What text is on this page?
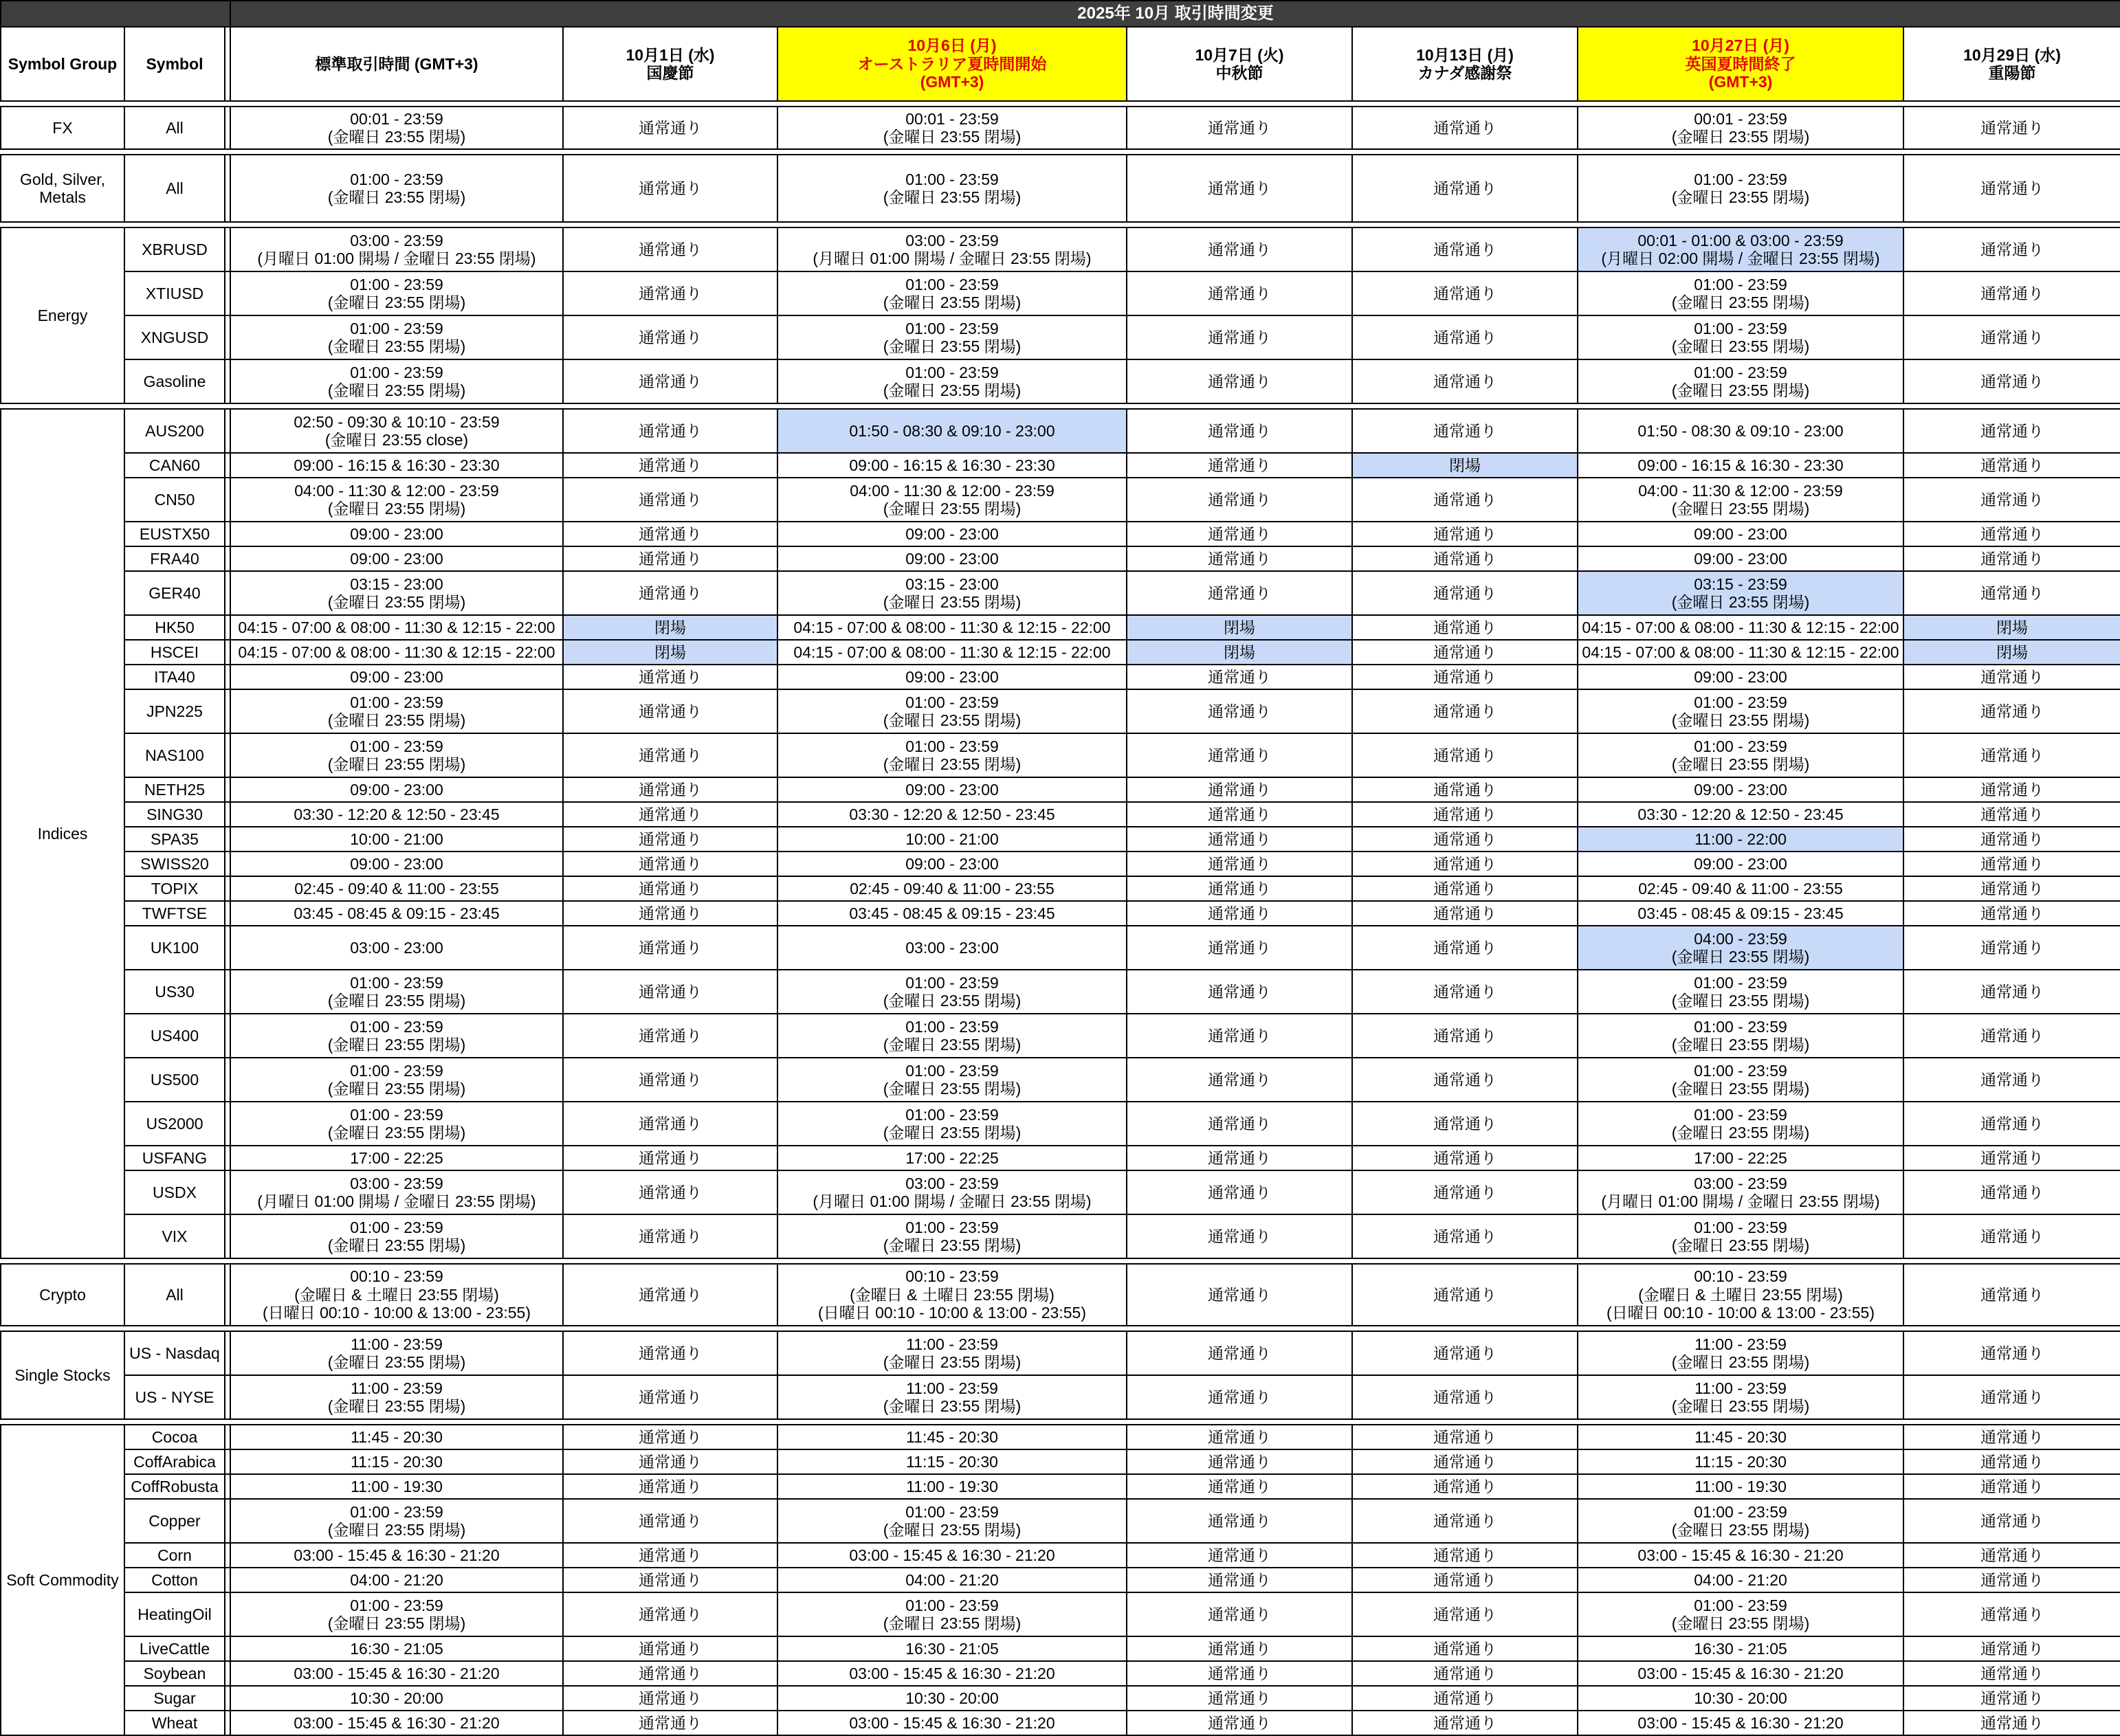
			2025年 10月 取引時間変更						
Symbol Group	Symbol		標準取引時間 (GMT+3)	10月1日 (水)
国慶節	10月6日 (月)
オーストラリア夏時間開始
(GMT+3)	10月7日 (火)
中秋節	10月13日 (月)
カナダ感謝祭	10月27日 (月)
英国夏時間終了
(GMT+3)	10月29日 (水)
重陽節

FX	All		00:01 - 23:59
(金曜日 23:55 閉場)	通常通り	00:01 - 23:59
(金曜日 23:55 閉場)	通常通り	通常通り	00:01 - 23:59
(金曜日 23:55 閉場)	通常通り

Gold, Silver,
Metals	All		01:00 - 23:59
(金曜日 23:55 閉場)	通常通り	01:00 - 23:59
(金曜日 23:55 閉場)	通常通り	通常通り	01:00 - 23:59
(金曜日 23:55 閉場)	通常通り

Energy	XBRUSD		03:00 - 23:59
(月曜日 01:00 開場 / 金曜日 23:55 閉場)	通常通り	03:00 - 23:59
(月曜日 01:00 開場 / 金曜日 23:55 閉場)	通常通り	通常通り	00:01 - 01:00 & 03:00 - 23:59
(月曜日 02:00 開場 / 金曜日 23:55 閉場)	通常通り
	XTIUSD		01:00 - 23:59
(金曜日 23:55 閉場)	通常通り	01:00 - 23:59
(金曜日 23:55 閉場)	通常通り	通常通り	01:00 - 23:59
(金曜日 23:55 閉場)	通常通り
	XNGUSD		01:00 - 23:59
(金曜日 23:55 閉場)	通常通り	01:00 - 23:59
(金曜日 23:55 閉場)	通常通り	通常通り	01:00 - 23:59
(金曜日 23:55 閉場)	通常通り
	Gasoline		01:00 - 23:59
(金曜日 23:55 閉場)	通常通り	01:00 - 23:59
(金曜日 23:55 閉場)	通常通り	通常通り	01:00 - 23:59
(金曜日 23:55 閉場)	通常通り

Indices	AUS200		02:50 - 09:30 & 10:10 - 23:59
(金曜日 23:55 close)	通常通り	01:50 - 08:30 & 09:10 - 23:00	通常通り	通常通り	01:50 - 08:30 & 09:10 - 23:00	通常通り
	CAN60		09:00 - 16:15 & 16:30 - 23:30	通常通り	09:00 - 16:15 & 16:30 - 23:30	通常通り	閉場	09:00 - 16:15 & 16:30 - 23:30	通常通り
	CN50		04:00 - 11:30 & 12:00 - 23:59
(金曜日 23:55 閉場)	通常通り	04:00 - 11:30 & 12:00 - 23:59
(金曜日 23:55 閉場)	通常通り	通常通り	04:00 - 11:30 & 12:00 - 23:59
(金曜日 23:55 閉場)	通常通り
	EUSTX50		09:00 - 23:00	通常通り	09:00 - 23:00	通常通り	通常通り	09:00 - 23:00	通常通り
	FRA40		09:00 - 23:00	通常通り	09:00 - 23:00	通常通り	通常通り	09:00 - 23:00	通常通り
	GER40		03:15 - 23:00
(金曜日 23:55 閉場)	通常通り	03:15 - 23:00
(金曜日 23:55 閉場)	通常通り	通常通り	03:15 - 23:59
(金曜日 23:55 閉場)	通常通り
	HK50		04:15 - 07:00 & 08:00 - 11:30 & 12:15 - 22:00	閉場	04:15 - 07:00 & 08:00 - 11:30 & 12:15 - 22:00	閉場	通常通り	04:15 - 07:00 & 08:00 - 11:30 & 12:15 - 22:00	閉場
	HSCEI		04:15 - 07:00 & 08:00 - 11:30 & 12:15 - 22:00	閉場	04:15 - 07:00 & 08:00 - 11:30 & 12:15 - 22:00	閉場	通常通り	04:15 - 07:00 & 08:00 - 11:30 & 12:15 - 22:00	閉場
	ITA40		09:00 - 23:00	通常通り	09:00 - 23:00	通常通り	通常通り	09:00 - 23:00	通常通り
	JPN225		01:00 - 23:59
(金曜日 23:55 閉場)	通常通り	01:00 - 23:59
(金曜日 23:55 閉場)	通常通り	通常通り	01:00 - 23:59
(金曜日 23:55 閉場)	通常通り
	NAS100		01:00 - 23:59
(金曜日 23:55 閉場)	通常通り	01:00 - 23:59
(金曜日 23:55 閉場)	通常通り	通常通り	01:00 - 23:59
(金曜日 23:55 閉場)	通常通り
	NETH25		09:00 - 23:00	通常通り	09:00 - 23:00	通常通り	通常通り	09:00 - 23:00	通常通り
	SING30		03:30 - 12:20 & 12:50 - 23:45	通常通り	03:30 - 12:20 & 12:50 - 23:45	通常通り	通常通り	03:30 - 12:20 & 12:50 - 23:45	通常通り
	SPA35		10:00 - 21:00	通常通り	10:00 - 21:00	通常通り	通常通り	11:00 - 22:00	通常通り
	SWISS20		09:00 - 23:00	通常通り	09:00 - 23:00	通常通り	通常通り	09:00 - 23:00	通常通り
	TOPIX		02:45 - 09:40 & 11:00 - 23:55	通常通り	02:45 - 09:40 & 11:00 - 23:55	通常通り	通常通り	02:45 - 09:40 & 11:00 - 23:55	通常通り
	TWFTSE		03:45 - 08:45 & 09:15 - 23:45	通常通り	03:45 - 08:45 & 09:15 - 23:45	通常通り	通常通り	03:45 - 08:45 & 09:15 - 23:45	通常通り
	UK100		03:00 - 23:00	通常通り	03:00 - 23:00	通常通り	通常通り	04:00 - 23:59
(金曜日 23:55 閉場)	通常通り
	US30		01:00 - 23:59
(金曜日 23:55 閉場)	通常通り	01:00 - 23:59
(金曜日 23:55 閉場)	通常通り	通常通り	01:00 - 23:59
(金曜日 23:55 閉場)	通常通り
	US400		01:00 - 23:59
(金曜日 23:55 閉場)	通常通り	01:00 - 23:59
(金曜日 23:55 閉場)	通常通り	通常通り	01:00 - 23:59
(金曜日 23:55 閉場)	通常通り
	US500		01:00 - 23:59
(金曜日 23:55 閉場)	通常通り	01:00 - 23:59
(金曜日 23:55 閉場)	通常通り	通常通り	01:00 - 23:59
(金曜日 23:55 閉場)	通常通り
	US2000		01:00 - 23:59
(金曜日 23:55 閉場)	通常通り	01:00 - 23:59
(金曜日 23:55 閉場)	通常通り	通常通り	01:00 - 23:59
(金曜日 23:55 閉場)	通常通り
	USFANG		17:00 - 22:25	通常通り	17:00 - 22:25	通常通り	通常通り	17:00 - 22:25	通常通り
	USDX		03:00 - 23:59
(月曜日 01:00 開場 / 金曜日 23:55 閉場)	通常通り	03:00 - 23:59
(月曜日 01:00 開場 / 金曜日 23:55 閉場)	通常通り	通常通り	03:00 - 23:59
(月曜日 01:00 開場 / 金曜日 23:55 閉場)	通常通り
	VIX		01:00 - 23:59
(金曜日 23:55 閉場)	通常通り	01:00 - 23:59
(金曜日 23:55 閉場)	通常通り	通常通り	01:00 - 23:59
(金曜日 23:55 閉場)	通常通り

Crypto	All		00:10 - 23:59
(金曜日 & 土曜日 23:55 閉場)
(日曜日 00:10 - 10:00 & 13:00 - 23:55)	通常通り	00:10 - 23:59
(金曜日 & 土曜日 23:55 閉場)
(日曜日 00:10 - 10:00 & 13:00 - 23:55)	通常通り	通常通り	00:10 - 23:59
(金曜日 & 土曜日 23:55 閉場)
(日曜日 00:10 - 10:00 & 13:00 - 23:55)	通常通り

Single Stocks	US - Nasdaq		11:00 - 23:59
(金曜日 23:55 閉場)	通常通り	11:00 - 23:59
(金曜日 23:55 閉場)	通常通り	通常通り	11:00 - 23:59
(金曜日 23:55 閉場)	通常通り
	US - NYSE		11:00 - 23:59
(金曜日 23:55 閉場)	通常通り	11:00 - 23:59
(金曜日 23:55 閉場)	通常通り	通常通り	11:00 - 23:59
(金曜日 23:55 閉場)	通常通り

Soft Commodity	Cocoa		11:45 - 20:30	通常通り	11:45 - 20:30	通常通り	通常通り	11:45 - 20:30	通常通り
	CoffArabica		11:15 - 20:30	通常通り	11:15 - 20:30	通常通り	通常通り	11:15 - 20:30	通常通り
	CoffRobusta		11:00 - 19:30	通常通り	11:00 - 19:30	通常通り	通常通り	11:00 - 19:30	通常通り
	Copper		01:00 - 23:59
(金曜日 23:55 閉場)	通常通り	01:00 - 23:59
(金曜日 23:55 閉場)	通常通り	通常通り	01:00 - 23:59
(金曜日 23:55 閉場)	通常通り
	Corn		03:00 - 15:45 & 16:30 - 21:20	通常通り	03:00 - 15:45 & 16:30 - 21:20	通常通り	通常通り	03:00 - 15:45 & 16:30 - 21:20	通常通り
	Cotton		04:00 - 21:20	通常通り	04:00 - 21:20	通常通り	通常通り	04:00 - 21:20	通常通り
	HeatingOil		01:00 - 23:59
(金曜日 23:55 閉場)	通常通り	01:00 - 23:59
(金曜日 23:55 閉場)	通常通り	通常通り	01:00 - 23:59
(金曜日 23:55 閉場)	通常通り
	LiveCattle		16:30 - 21:05	通常通り	16:30 - 21:05	通常通り	通常通り	16:30 - 21:05	通常通り
	Soybean		03:00 - 15:45 & 16:30 - 21:20	通常通り	03:00 - 15:45 & 16:30 - 21:20	通常通り	通常通り	03:00 - 15:45 & 16:30 - 21:20	通常通り
	Sugar		10:30 - 20:00	通常通り	10:30 - 20:00	通常通り	通常通り	10:30 - 20:00	通常通り
	Wheat		03:00 - 15:45 & 16:30 - 21:20	通常通り	03:00 - 15:45 & 16:30 - 21:20	通常通り	通常通り	03:00 - 15:45 & 16:30 - 21:20	通常通り
